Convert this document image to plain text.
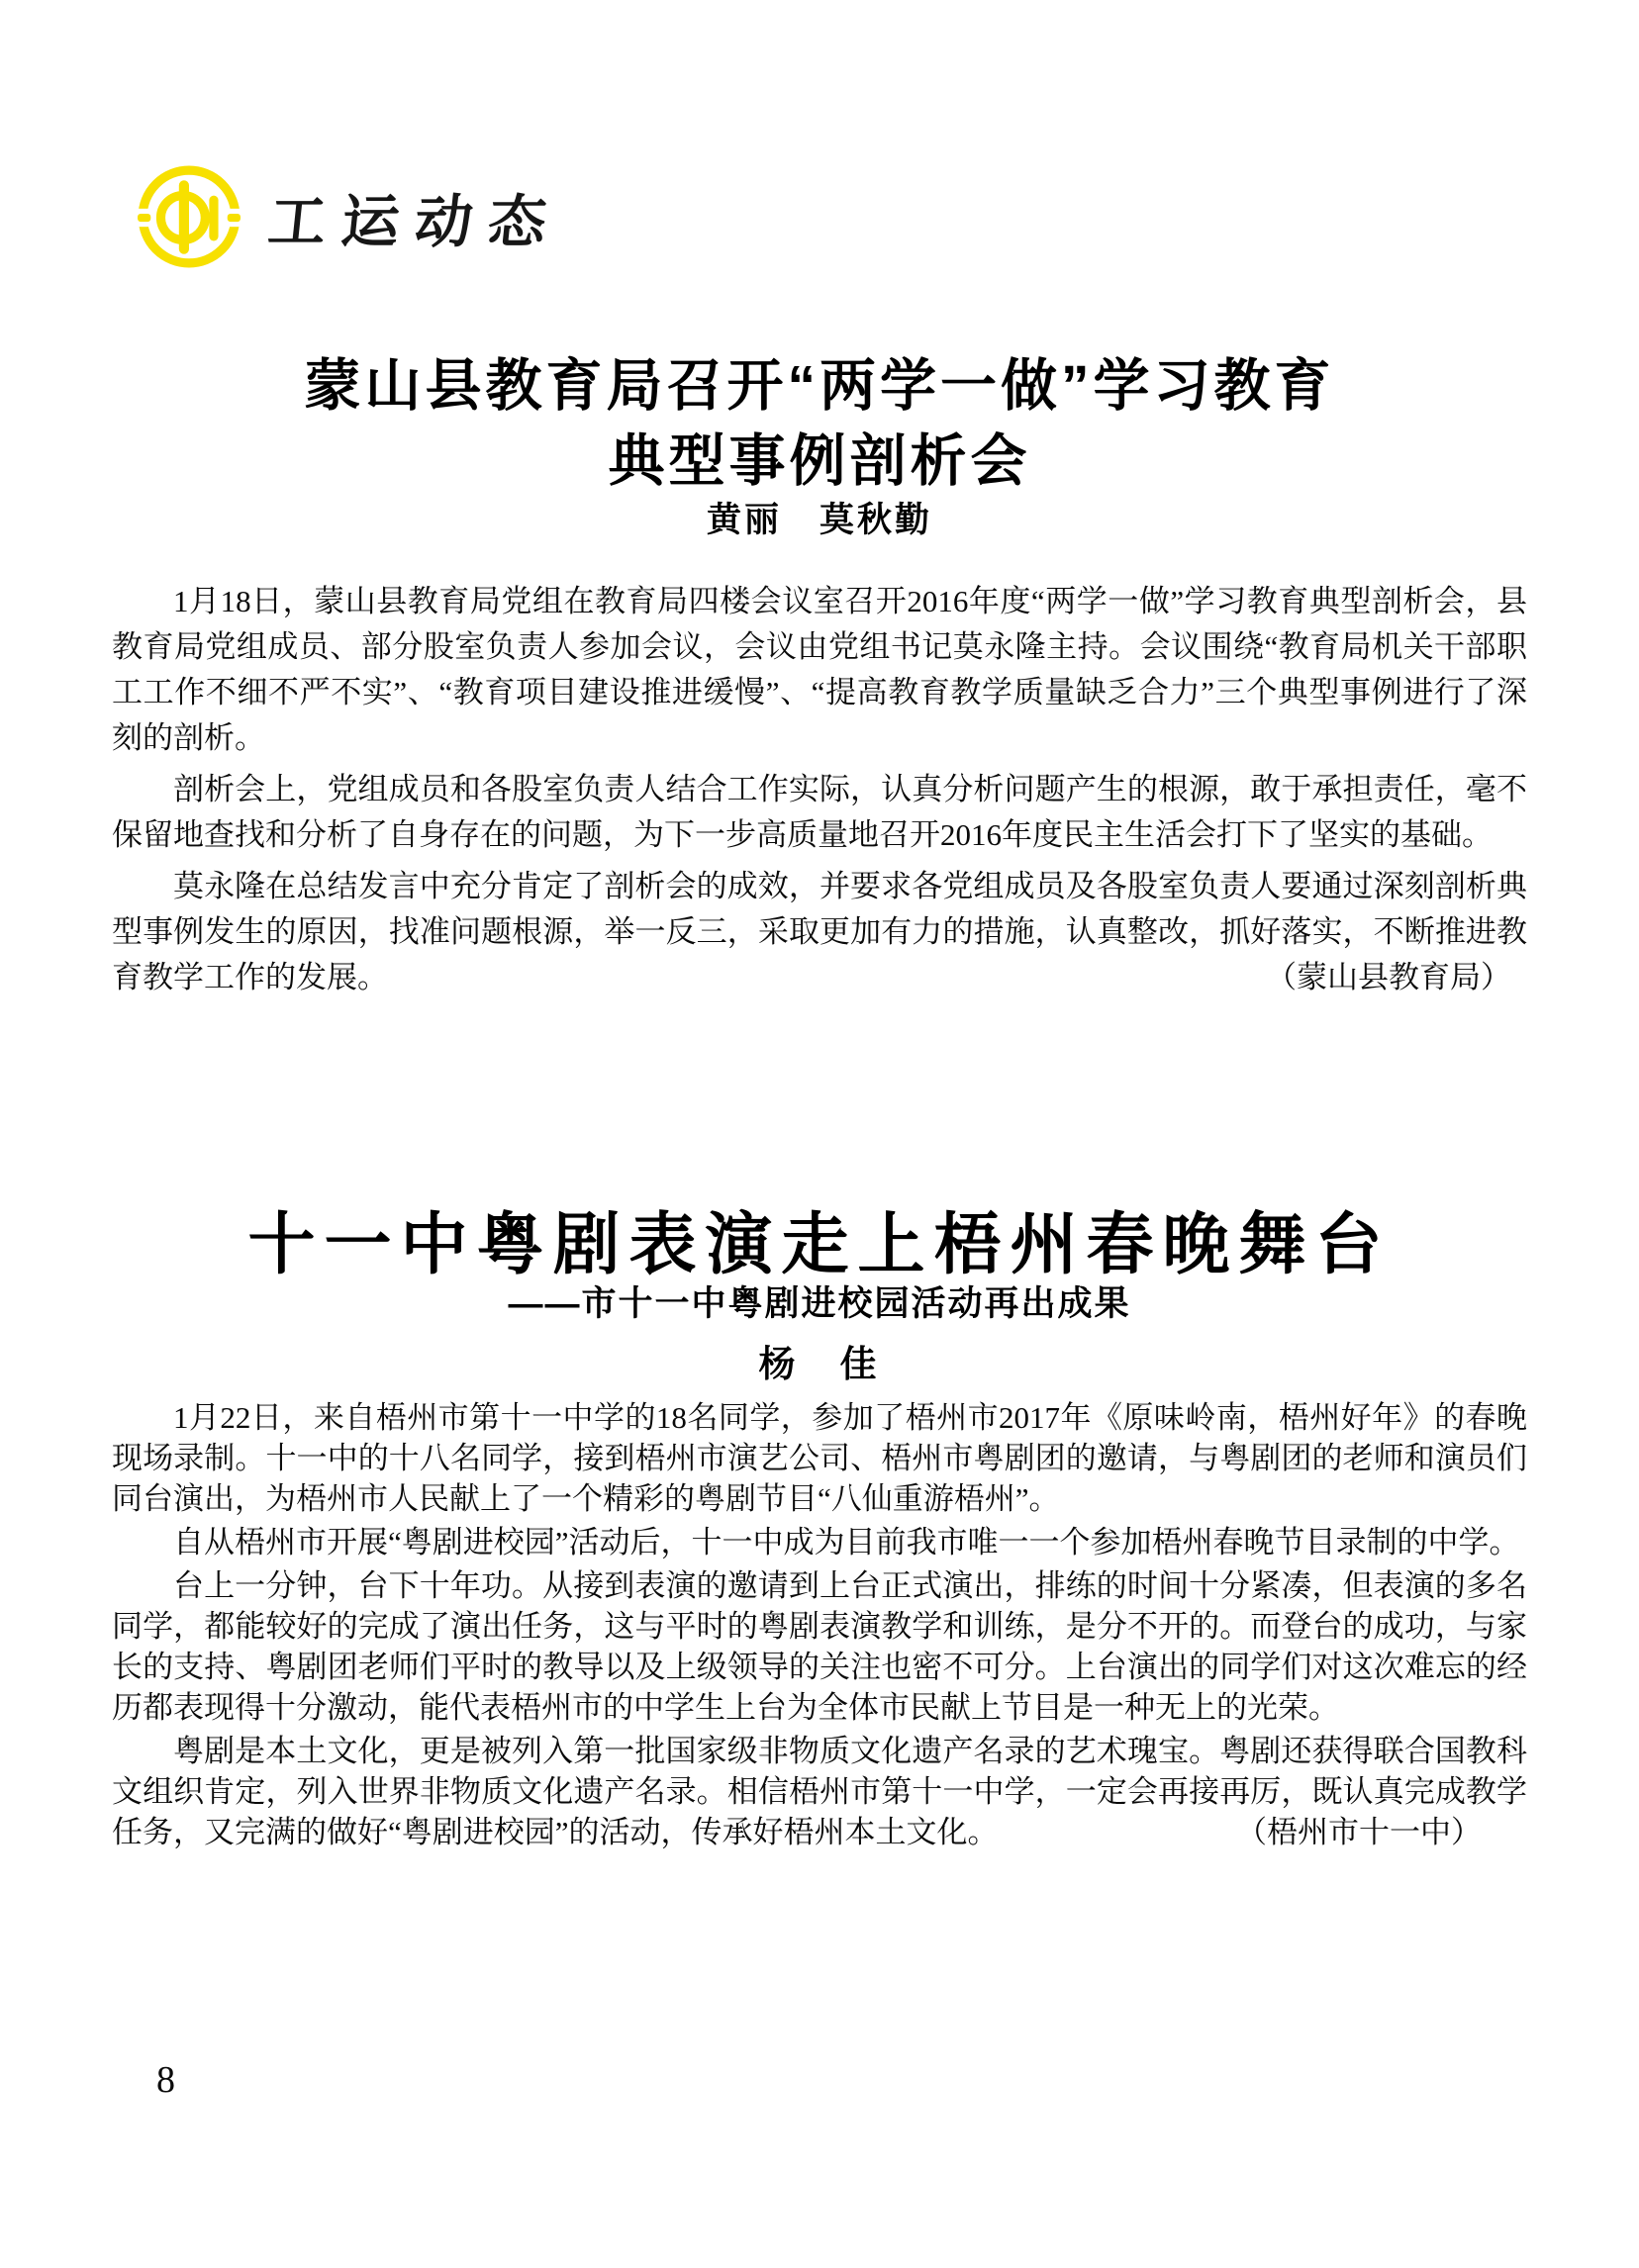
工运动态
蒙山县教育局召开“两学一做”学习教育
典型事例剖析会
黄丽　莫秋勤

1月18日，蒙山县教育局党组在教育局四楼会议室召开2016年度“两学一做”学习教育典型剖析会，县教育局党组成员、部分股室负责人参加会议，会议由党组书记莫永隆主持。会议围绕“教育局机关干部职工工作不细不严不实”、“教育项目建设推进缓慢”、“提高教育教学质量缺乏合力”三个典型事例进行了深刻的剖析。

剖析会上，党组成员和各股室负责人结合工作实际，认真分析问题产生的根源，敢于承担责任，毫不保留地查找和分析了自身存在的问题，为下一步高质量地召开2016年度民主生活会打下了坚实的基础。

莫永隆在总结发言中充分肯定了剖析会的成效，并要求各党组成员及各股室负责人要通过深刻剖析典型事例发生的原因，找准问题根源，举一反三，采取更加有力的措施，认真整改，抓好落实，不断推进教育教学工作的发展。	（蒙山县教育局）

十一中粤剧表演走上梧州春晚舞台
——市十一中粤剧进校园活动再出成果
杨　佳

1月22日，来自梧州市第十一中学的18名同学，参加了梧州市2017年《原味岭南，梧州好年》的春晚现场录制。十一中的十八名同学，接到梧州市演艺公司、梧州市粤剧团的邀请，与粤剧团的老师和演员们同台演出，为梧州市人民献上了一个精彩的粤剧节目“八仙重游梧州”。

自从梧州市开展“粤剧进校园”活动后，十一中成为目前我市唯一一个参加梧州春晚节目录制的中学。

台上一分钟，台下十年功。从接到表演的邀请到上台正式演出，排练的时间十分紧凑，但表演的多名同学，都能较好的完成了演出任务，这与平时的粤剧表演教学和训练，是分不开的。而登台的成功，与家长的支持、粤剧团老师们平时的教导以及上级领导的关注也密不可分。上台演出的同学们对这次难忘的经历都表现得十分激动，能代表梧州市的中学生上台为全体市民献上节目是一种无上的光荣。

粤剧是本土文化，更是被列入第一批国家级非物质文化遗产名录的艺术瑰宝。粤剧还获得联合国教科文组织肯定，列入世界非物质文化遗产名录。相信梧州市第十一中学，一定会再接再厉，既认真完成教学任务，又完满的做好“粤剧进校园”的活动，传承好梧州本土文化。	（梧州市十一中）

8
